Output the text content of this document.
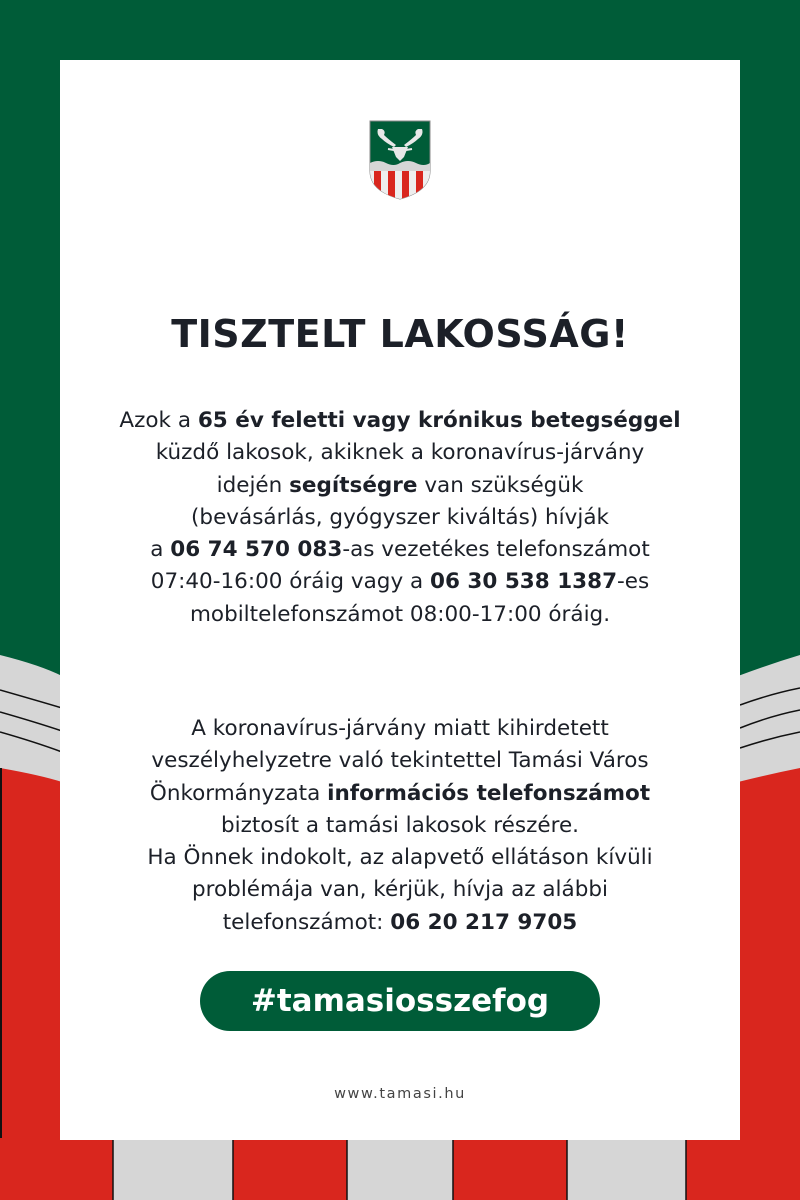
TISZTELT LAKOSSÁG!
Azok a 65 év feletti vagy krónikus betegséggel
küzdő lakosok, akiknek a koronavírus-járvány
idején segítségre van szükségük
(bevásárlás, gyógyszer kiváltás) hívják
a 06 74 570 083-as vezetékes telefonszámot
07:40-16:00 óráig vagy a 06 30 538 1387-es
mobiltelefonszámot 08:00-17:00 óráig.
A koronavírus-járvány miatt kihirdetett
veszélyhelyzetre való tekintettel Tamási Város
Önkormányzata információs telefonszámot
biztosít a tamási lakosok részére.
Ha Önnek indokolt, az alapvető ellátáson kívüli
problémája van, kérjük, hívja az alábbi
telefonszámot: 06 20 217 9705
#tamasiosszefog
www.tamasi.hu
